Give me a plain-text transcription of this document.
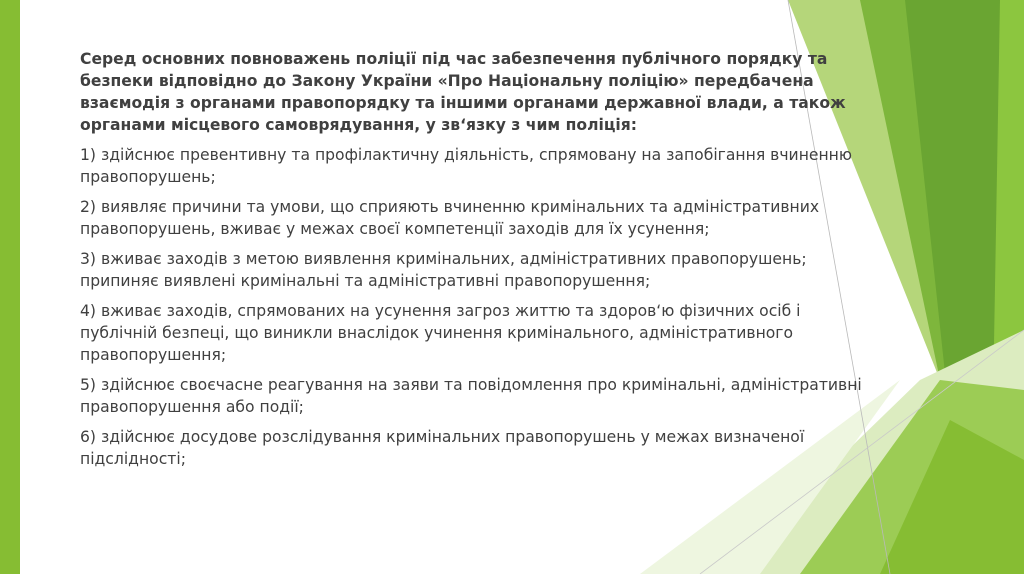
Серед основних повноважень поліції під час забезпечення публічного порядку та безпеки відповідно до Закону України «Про Національну поліцію» передбачена взаємодія з органами правопорядку та іншими органами державної влади, а також органами місцевого самоврядування, у зв‘язку з чим поліція:

1) здійснює превентивну та профілактичну діяльність, спрямовану на запобігання вчиненню правопорушень;

2) виявляє причини та умови, що сприяють вчиненню кримінальних та адміністративних правопорушень, вживає у межах своєї компетенції заходів для їх усунення;

3) вживає заходів з метою виявлення кримінальних, адміністративних правопорушень; припиняє виявлені кримінальні та адміністративні правопорушення;

4) вживає заходів, спрямованих на усунення загроз життю та здоров‘ю фізичних осіб і публічній безпеці, що виникли внаслідок учинення кримінального, адміністративного правопорушення;

5) здійснює своєчасне реагування на заяви та повідомлення про кримінальні, адміністративні правопорушення або події;

6) здійснює досудове розслідування кримінальних правопорушень у межах визначеної підслідності;
